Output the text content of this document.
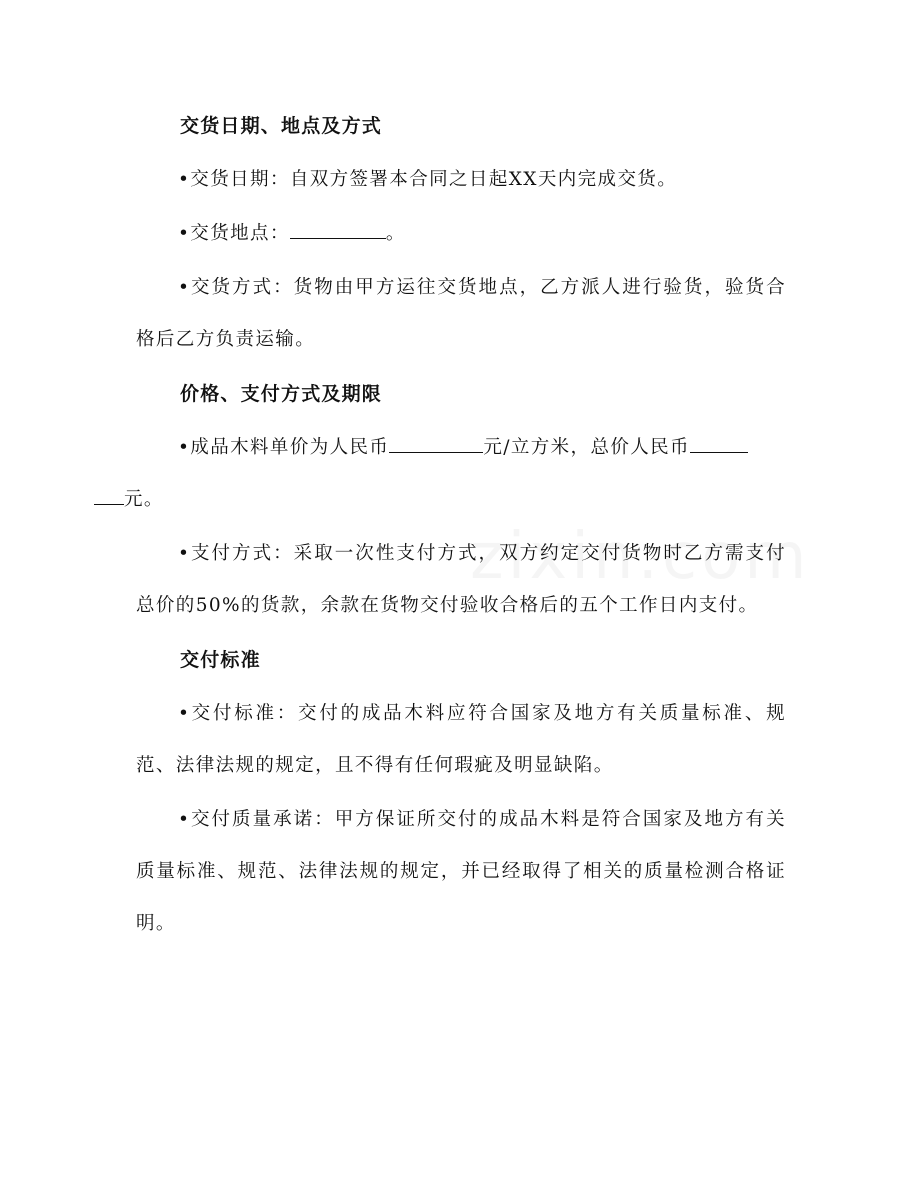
交货日期、地点及方式
•交货日期：自双方签署本合同之日起XX天内完成交货。
•交货地点：	。
•交货方式：货物由甲方运往交货地点，乙方派人进行验货，验货合格后乙方负责运输。
价格、支付方式及期限
•成品木料单价为人民币	元/立方米，总价人民币
元。
•支付方式：采取一次性支付方式，双方约定交付货物时乙方需支付总价的50%的货款，余款在货物交付验收合格后的五个工作日内支付。
交付标准
•交付标准：交付的成品木料应符合国家及地方有关质量标准、规范、法律法规的规定，且不得有任何瑕疵及明显缺陷。
•交付质量承诺：甲方保证所交付的成品木料是符合国家及地方有关质量标准、规范、法律法规的规定，并已经取得了相关的质量检测合格证明。
